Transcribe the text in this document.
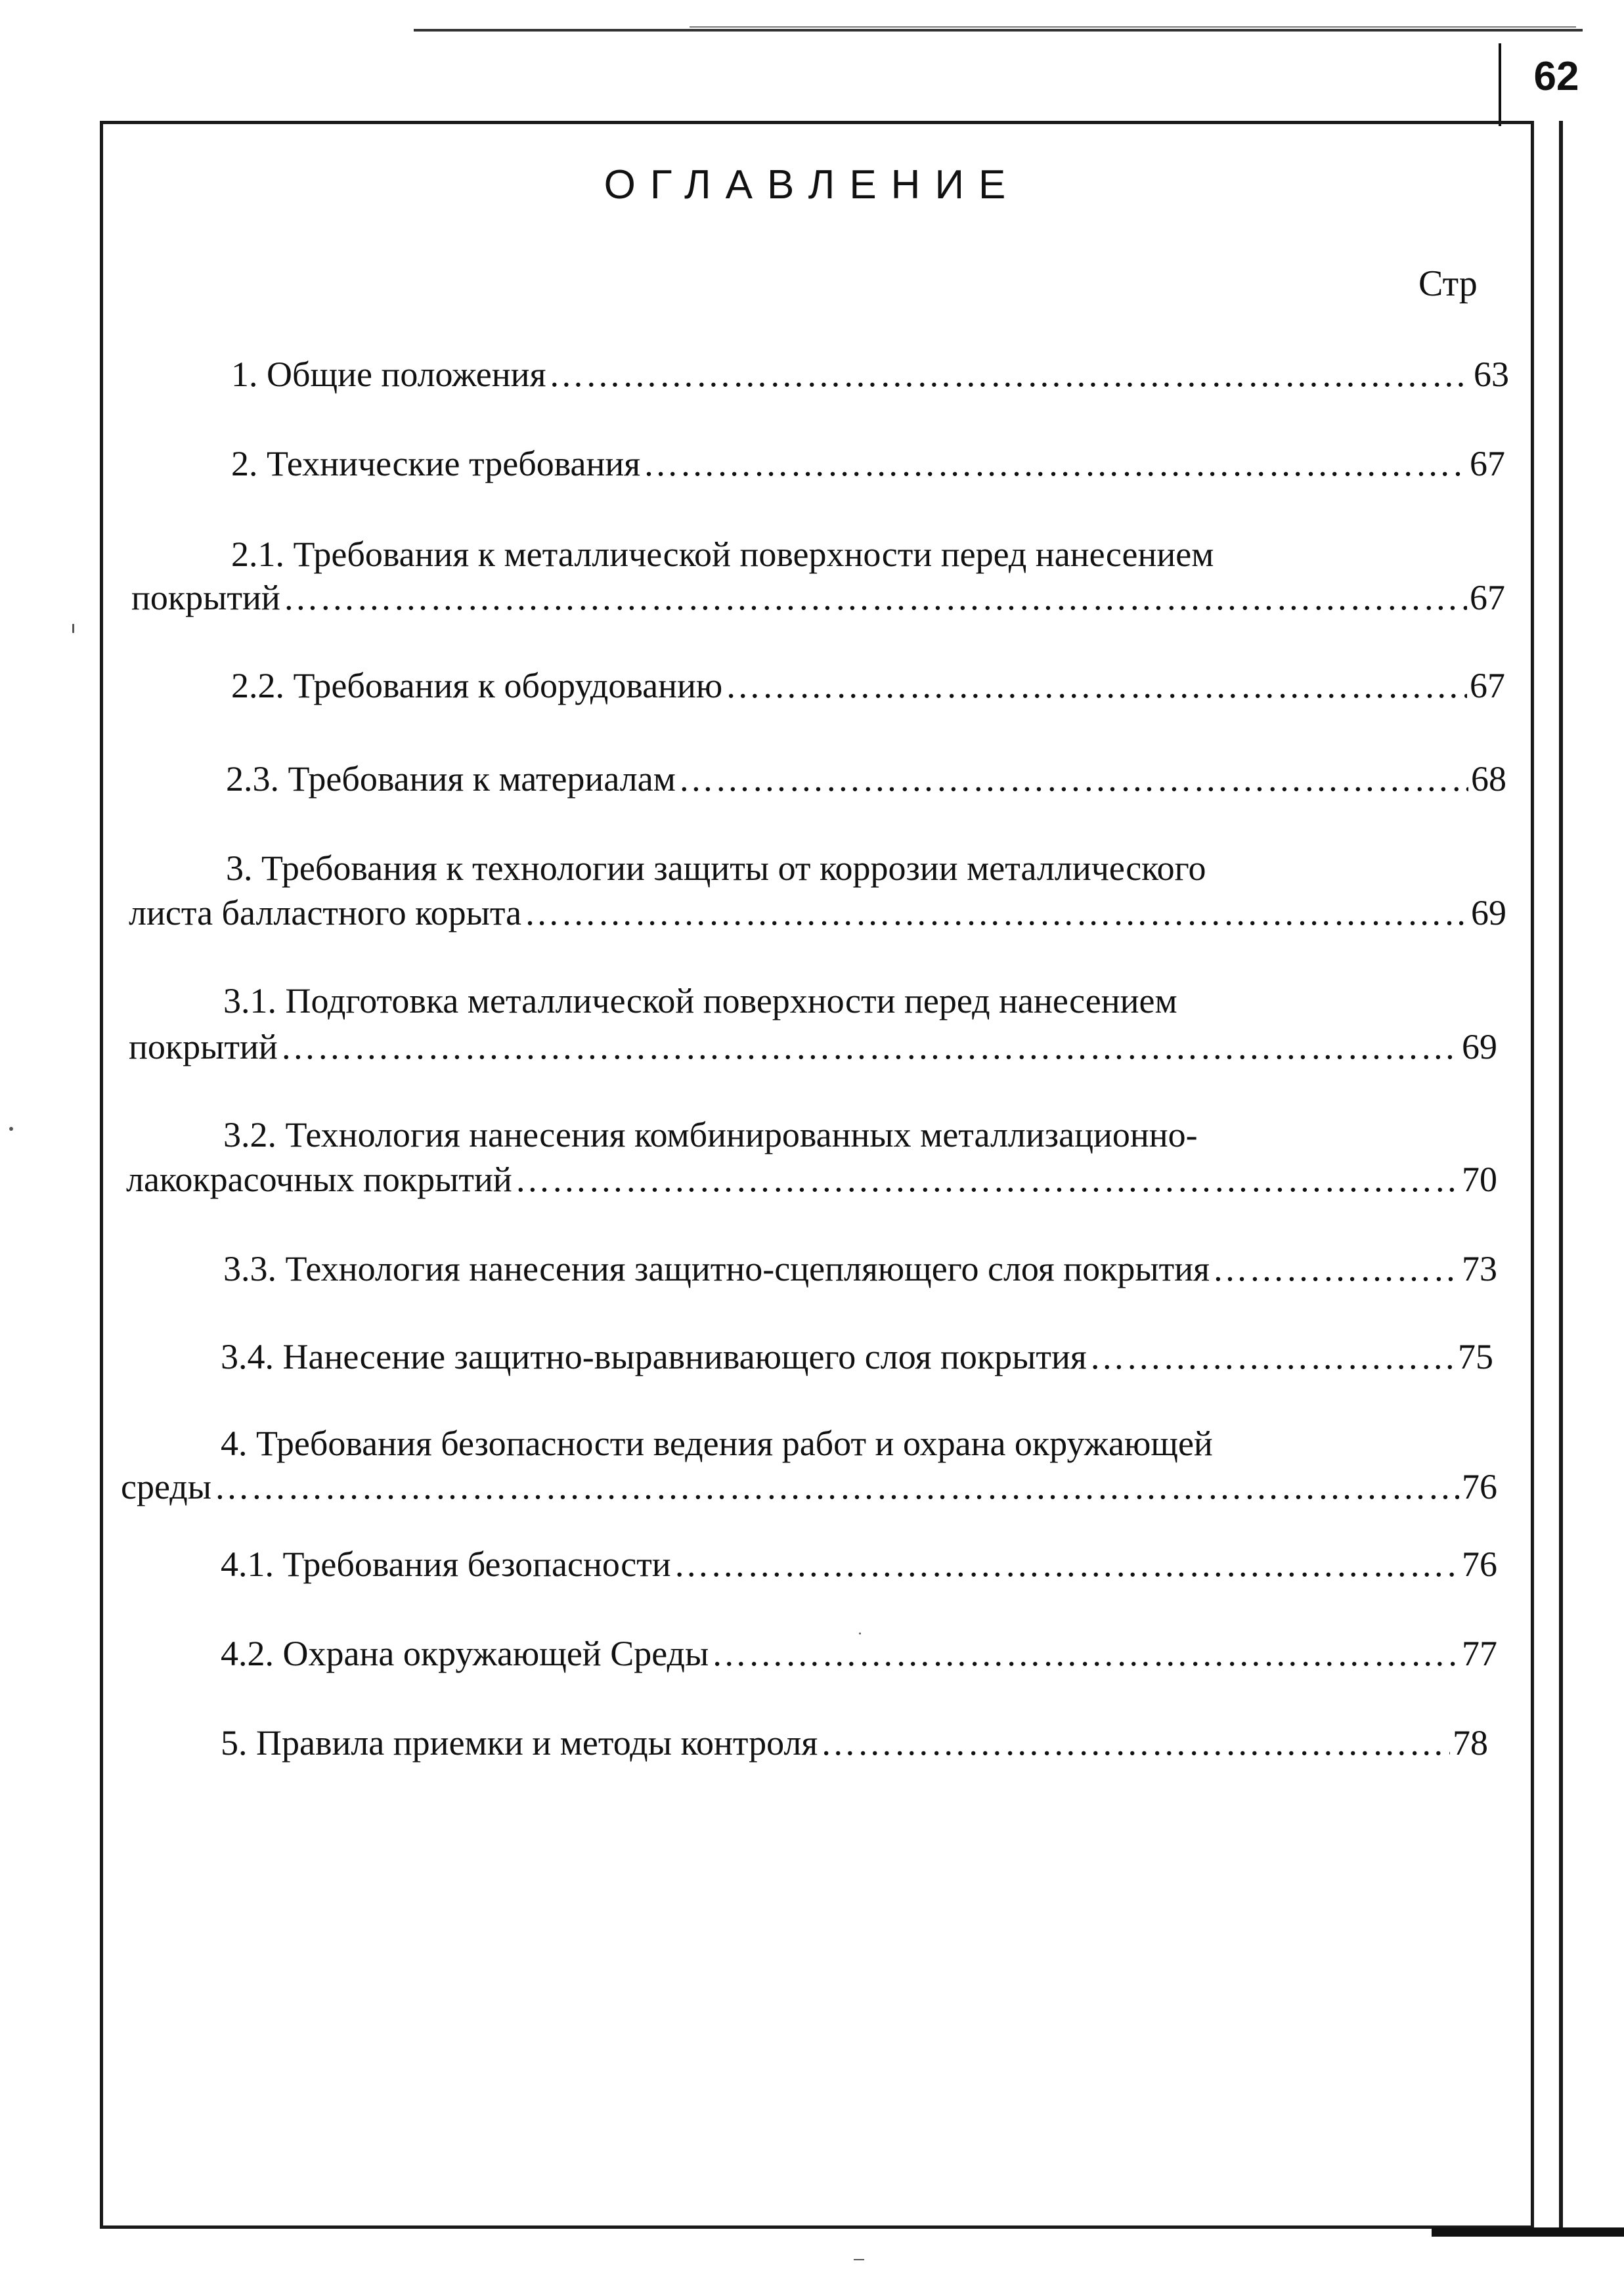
62
ОГЛАВЛЕНИЕ
Стр
1. Общие положения …………………………………………………………………………………………………………………………………………………………………………………………	63
2. Технические требования …………………………………………………………………………………………………………………………………………………………………………………………	67
2.1. Требования к металлической поверхности перед нанесением
покрытий …………………………………………………………………………………………………………………………………………………………………………………………	67
2.2. Требования к оборудованию …………………………………………………………………………………………………………………………………………………………………………………………	67
2.3. Требования к материалам …………………………………………………………………………………………………………………………………………………………………………………………	68
3. Требования к технологии защиты от коррозии металлического
листа балластного корыта …………………………………………………………………………………………………………………………………………………………………………………………	69
3.1. Подготовка металлической поверхности перед нанесением
покрытий …………………………………………………………………………………………………………………………………………………………………………………………	69
3.2. Технология нанесения комбинированных металлизационно-
лакокрасочных покрытий …………………………………………………………………………………………………………………………………………………………………………………………	70
3.3. Технология нанесения защитно-сцепляющего слоя покрытия …………………………………………………………………………………………………………………………………………………………………………………………	73
3.4. Нанесение защитно-выравнивающего слоя покрытия …………………………………………………………………………………………………………………………………………………………………………………………	75
4. Требования безопасности ведения работ и охрана окружающей
среды …………………………………………………………………………………………………………………………………………………………………………………………	76
4.1. Требования безопасности …………………………………………………………………………………………………………………………………………………………………………………………	76
4.2. Охрана окружающей Среды …………………………………………………………………………………………………………………………………………………………………………………………	77
5. Правила приемки и методы контроля …………………………………………………………………………………………………………………………………………………………………………………………	78
